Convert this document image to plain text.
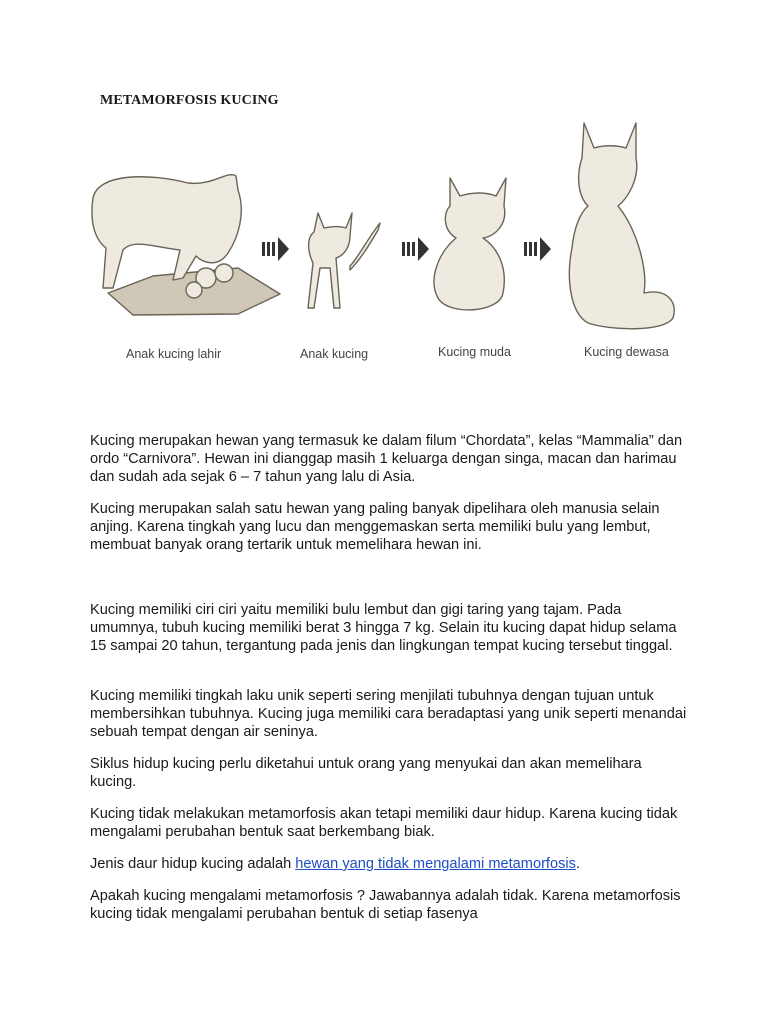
METAMORFOSIS KUCING
Anak kucing lahir	Anak kucing	Kucing muda	Kucing dewasa

Kucing merupakan hewan yang termasuk ke dalam filum “Chordata”, kelas “Mammalia” dan ordo “Carnivora”. Hewan ini dianggap masih 1 keluarga dengan singa, macan dan harimau dan sudah ada sejak 6 – 7 tahun yang lalu di Asia.

Kucing merupakan salah satu hewan yang paling banyak dipelihara oleh manusia selain anjing. Karena tingkah yang lucu dan menggemaskan serta memiliki bulu yang lembut, membuat banyak orang tertarik untuk memelihara hewan ini.

Kucing memiliki ciri ciri yaitu memiliki bulu lembut dan gigi taring yang tajam. Pada umumnya, tubuh kucing memiliki berat 3 hingga 7 kg. Selain itu kucing dapat hidup selama 15 sampai 20 tahun, tergantung pada jenis dan lingkungan tempat kucing tersebut tinggal.

Kucing memiliki tingkah laku unik seperti sering menjilati tubuhnya dengan tujuan untuk membersihkan tubuhnya. Kucing juga memiliki cara beradaptasi yang unik seperti menandai sebuah tempat dengan air seninya.

Siklus hidup kucing perlu diketahui untuk orang yang menyukai dan akan memelihara kucing.

Kucing tidak melakukan metamorfosis akan tetapi memiliki daur hidup. Karena kucing tidak mengalami perubahan bentuk saat berkembang biak.

Jenis daur hidup kucing adalah hewan yang tidak mengalami metamorfosis.

Apakah kucing mengalami metamorfosis ? Jawabannya adalah tidak. Karena metamorfosis kucing tidak mengalami perubahan bentuk di setiap fasenya
